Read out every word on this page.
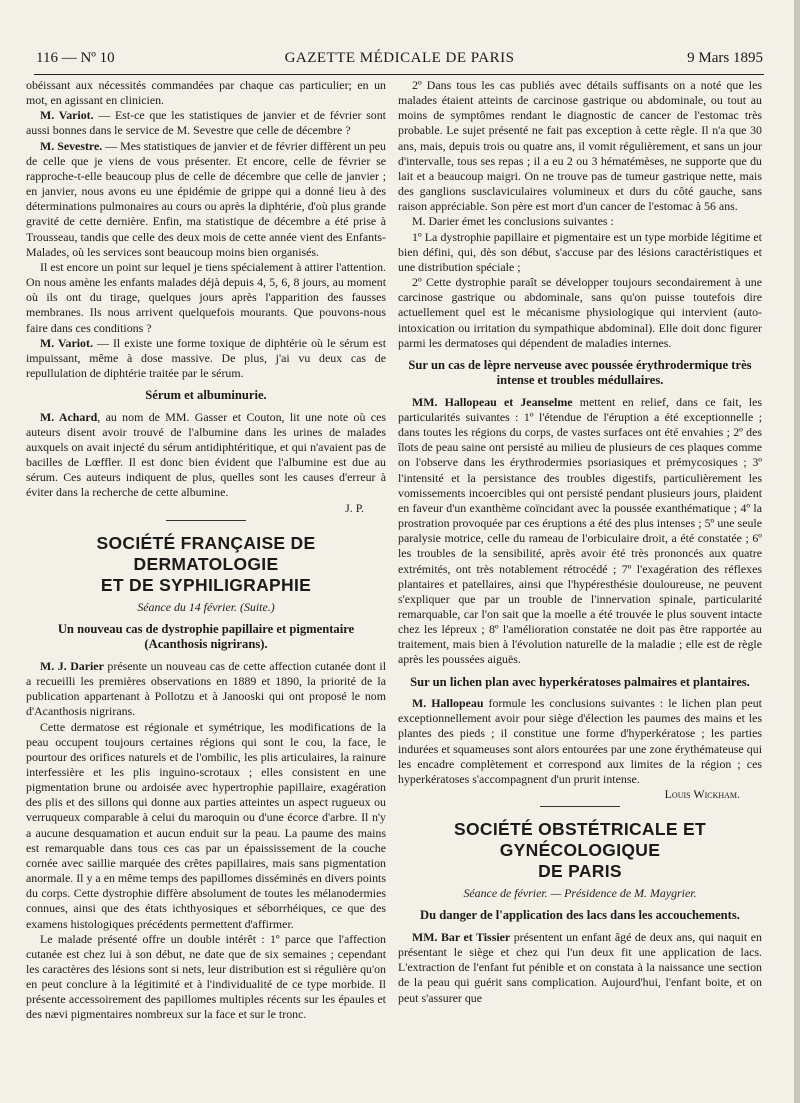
116 — Nº 10	GAZETTE MÉDICALE DE PARIS	9 Mars 1895

obéissant aux nécessités commandées par chaque cas particulier; en un mot, en agissant en clinicien.

M. Variot. — Est-ce que les statistiques de janvier et de février sont aussi bonnes dans le service de M. Sevestre que celle de décembre ?

M. Sevestre. — Mes statistiques de janvier et de février diffèrent un peu de celle que je viens de vous présenter. Et encore, celle de février se rapproche-t-elle beaucoup plus de celle de décembre que celle de janvier ; en janvier, nous avons eu une épidémie de grippe qui a donné lieu à des déterminations pulmonaires au cours ou après la diphtérie, d'où plus grande gravité de cette dernière. Enfin, ma statistique de décembre a été prise à Trousseau, tandis que celle des deux mois de cette année vient des Enfants-Malades, où les services sont beaucoup moins bien organisés.

Il est encore un point sur lequel je tiens spécialement à attirer l'attention. On nous amène les enfants malades déjà depuis 4, 5, 6, 8 jours, au moment où ils ont du tirage, quelques jours après l'apparition des fausses membranes. Ils nous arrivent quelquefois mourants. Que pouvons-nous faire dans ces conditions ?

M. Variot. — Il existe une forme toxique de diphtérie où le sérum est impuissant, même à dose massive. De plus, j'ai vu deux cas de repullulation de diphtérie traitée par le sérum.

Sérum et albuminurie.

M. Achard, au nom de MM. Gasser et Couton, lit une note où ces auteurs disent avoir trouvé de l'albumine dans les urines de malades auxquels on avait injecté du sérum antidiphtéritique, et qui n'avaient pas de bacilles de Lœffler. Il est donc bien évident que l'albumine est due au sérum. Ces auteurs indiquent de plus, quelles sont les causes d'erreur à éviter dans la recherche de cette albumine.

J. P.
SOCIÉTÉ FRANÇAISE DE DERMATOLOGIE
ET DE SYPHILIGRAPHIE
Séance du 14 février. (Suite.)
Un nouveau cas de dystrophie papillaire et pigmentaire (Acanthosis nigrirans).

M. J. Darier présente un nouveau cas de cette affection cutanée dont il a recueilli les premières observations en 1889 et 1890, la priorité de la publication appartenant à Pollotzu et à Janooski qui ont proposé le nom d'Acanthosis nigrirans.

Cette dermatose est régionale et symétrique, les modifications de la peau occupent toujours certaines régions qui sont le cou, la face, le pourtour des orifices naturels et de l'ombilic, les plis articulaires, la rainure interfessière et les plis inguino-scrotaux ; elles consistent en une pigmentation brune ou ardoisée avec hypertrophie papillaire, exagération des plis et des sillons qui donne aux parties atteintes un aspect rugueux ou verruqueux comparable à celui du maroquin ou d'une écorce d'arbre. Il n'y a aucune desquamation et aucun enduit sur la peau. La paume des mains est remarquable dans tous ces cas par un épaississement de la couche cornée avec saillie marquée des crêtes papillaires, mais sans pigmentation anormale. Il y a en même temps des papillomes disséminés en divers points du corps. Cette dystrophie diffère absolument de toutes les mélanodermies connues, ainsi que des états ichthyosiques et séborrhéiques, ce que des examens histologiques précédents permettent d'affirmer.

Le malade présenté offre un double intérêt : 1º parce que l'affection cutanée est chez lui à son début, ne date que de six semaines ; cependant les caractères des lésions sont si nets, leur distribution est si régulière qu'on en peut conclure à la légitimité et à l'individualité de ce type morbide. Il présente accessoirement des papillomes multiples récents sur les épaules et des nævi pigmentaires nombreux sur la face et sur le tronc.

2º Dans tous les cas publiés avec détails suffisants on a noté que les malades étaient atteints de carcinose gastrique ou abdominale, ou tout au moins de symptômes rendant le diagnostic de cancer de l'estomac très probable. Le sujet présenté ne fait pas exception à cette règle. Il n'a que 30 ans, mais, depuis trois ou quatre ans, il vomit régulièrement, et sans un jour d'intervalle, tous ses repas ; il a eu 2 ou 3 hématémèses, ne supporte que du lait et a beaucoup maigri. On ne trouve pas de tumeur gastrique nette, mais des ganglions susclaviculaires volumineux et durs du côté gauche, sans raison appréciable. Son père est mort d'un cancer de l'estomac à 56 ans.

M. Darier émet les conclusions suivantes :

1º La dystrophie papillaire et pigmentaire est un type morbide légitime et bien défini, qui, dès son début, s'accuse par des lésions caractéristiques et une distribution spéciale ;

2º Cette dystrophie paraît se développer toujours secondairement à une carcinose gastrique ou abdominale, sans qu'on puisse toutefois dire actuellement quel est le mécanisme physiologique qui intervient (auto-intoxication ou irritation du sympathique abdominal). Elle doit donc figurer parmi les dermatoses qui dépendent de maladies internes.

Sur un cas de lèpre nerveuse avec poussée érythrodermique très intense et troubles médullaires.

MM. Hallopeau et Jeanselme mettent en relief, dans ce fait, les particularités suivantes : 1º l'étendue de l'éruption a été exceptionnelle ; dans toutes les régions du corps, de vastes surfaces ont été envahies ; 2º des îlots de peau saine ont persisté au milieu de plusieurs de ces plaques comme on l'observe dans les érythrodermies psoriasiques et prémycosiques ; 3º l'intensité et la persistance des troubles digestifs, particulièrement les vomissements incoercibles qui ont persisté pendant plusieurs jours, plaident en faveur d'un exanthème coïncidant avec la poussée exanthématique ; 4º la prostration provoquée par ces éruptions a été des plus intenses ; 5º une seule paralysie motrice, celle du rameau de l'orbiculaire droit, a été constatée ; 6º les troubles de la sensibilité, après avoir été très prononcés aux quatre extrémités, ont très notablement rétrocédé ; 7º l'exagération des réflexes plantaires et patellaires, ainsi que l'hypéresthésie douloureuse, ne peuvent s'expliquer que par un trouble de l'innervation spinale, particularité remarquable, car l'on sait que la moelle a été trouvée le plus souvent intacte chez les lépreux ; 8º l'amélioration constatée ne doit pas être rapportée au traitement, mais bien à l'évolution naturelle de la maladie ; elle est de règle après les poussées aiguës.

Sur un lichen plan avec hyperkératoses palmaires et plantaires.

M. Hallopeau formule les conclusions suivantes : le lichen plan peut exceptionnellement avoir pour siège d'élection les paumes des mains et les plantes des pieds ; il constitue une forme d'hyperkératose ; les parties indurées et squameuses sont alors entourées par une zone érythémateuse qui les encadre complètement et correspond aux limites de la région ; ces hyperkératoses s'accompagnent d'un prurit intense.

Louis Wickham.
SOCIÉTÉ OBSTÉTRICALE ET GYNÉCOLOGIQUE
DE PARIS
Séance de février. — Présidence de M. Maygrier.
Du danger de l'application des lacs dans les accouchements.

MM. Bar et Tissier présentent un enfant âgé de deux ans, qui naquit en présentant le siège et chez qui l'un deux fit une application de lacs. L'extraction de l'enfant fut pénible et on constata à la naissance une section de la peau qui guérit sans complication. Aujourd'hui, l'enfant boite, et on peut s'assurer que
